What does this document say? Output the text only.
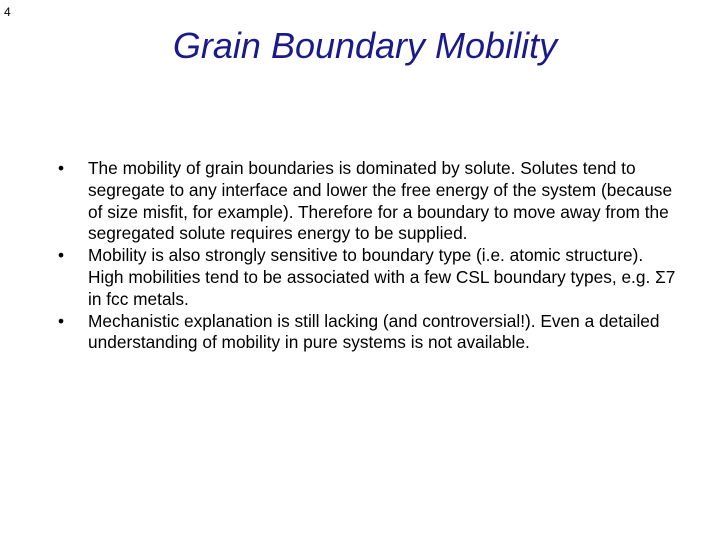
4
Grain Boundary Mobility
• The mobility of grain boundaries is dominated by solute. Solutes tend to segregate to any interface and lower the free energy of the system (because of size misfit, for example). Therefore for a boundary to move away from the segregated solute requires energy to be supplied.
• Mobility is also strongly sensitive to boundary type (i.e. atomic structure). High mobilities tend to be associated with a few CSL boundary types, e.g. Σ7 in fcc metals.
• Mechanistic explanation is still lacking (and controversial!). Even a detailed understanding of mobility in pure systems is not available.
